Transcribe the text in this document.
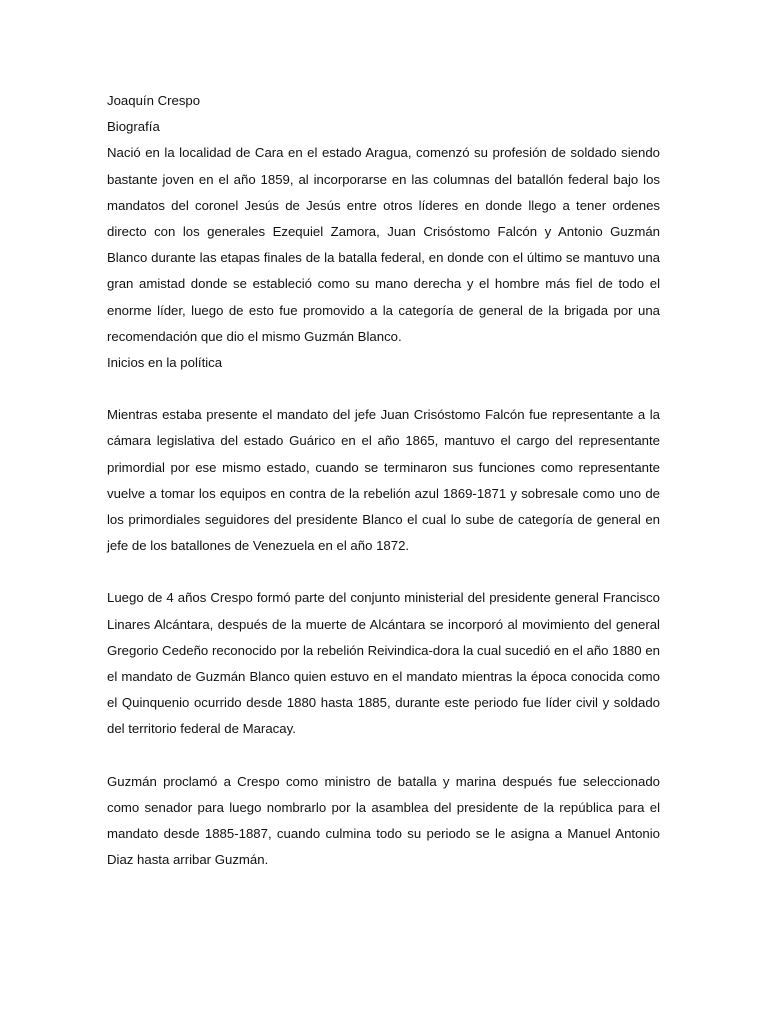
Joaquín Crespo
Biografía

Nació en la localidad de Cara en el estado Aragua, comenzó su profesión de soldado siendo bastante joven en el año 1859, al incorporarse en las columnas del batallón federal bajo los mandatos del coronel Jesús de Jesús entre otros líderes en donde llego a tener ordenes directo con los generales Ezequiel Zamora, Juan Crisóstomo Falcón y Antonio Guzmán Blanco durante las etapas finales de la batalla federal, en donde con el último se mantuvo una gran amistad donde se estableció como su mano derecha y el hombre más fiel de todo el enorme líder, luego de esto fue promovido a la categoría de general de la brigada por una recomendación que dio el mismo Guzmán Blanco.

Inicios en la política

Mientras estaba presente el mandato del jefe Juan Crisóstomo Falcón fue representante a la cámara legislativa del estado Guárico en el año 1865, mantuvo el cargo del representante primordial por ese mismo estado, cuando se terminaron sus funciones como representante vuelve a tomar los equipos en contra de la rebelión azul 1869-1871 y sobresale como uno de los primordiales seguidores del presidente Blanco el cual lo sube de categoría de general en jefe de los batallones de Venezuela en el año 1872.

Luego de 4 años Crespo formó parte del conjunto ministerial del presidente general Francisco Linares Alcántara, después de la muerte de Alcántara se incorporó al movimiento del general Gregorio Cedeño reconocido por la rebelión Reivindica-dora la cual sucedió en el año 1880 en el mandato de Guzmán Blanco quien estuvo en el mandato mientras la época conocida como el Quinquenio ocurrido desde 1880 hasta 1885, durante este periodo fue líder civil y soldado del territorio federal de Maracay.

Guzmán proclamó a Crespo como ministro de batalla y marina después fue seleccionado como senador para luego nombrarlo por la asamblea del presidente de la república para el mandato desde 1885-1887, cuando culmina todo su periodo se le asigna a Manuel Antonio Diaz hasta arribar Guzmán.
